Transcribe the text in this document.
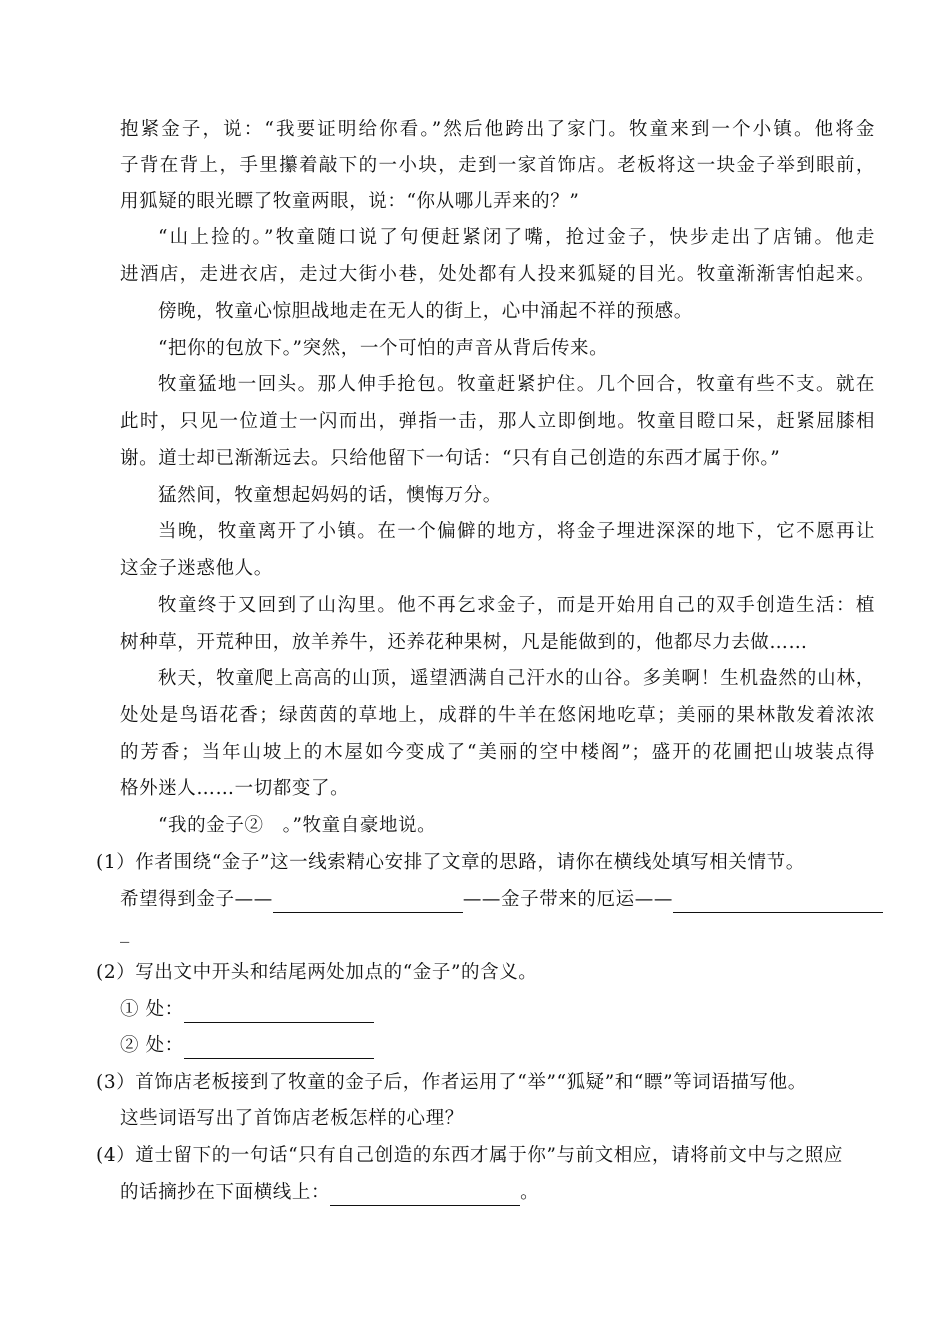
抱紧金子，说：“我要证明给你看。”然后他跨出了家门。牧童来到一个小镇。他将金
子背在背上，手里攥着敲下的一小块，走到一家首饰店。老板将这一块金子举到眼前，
用狐疑的眼光瞟了牧童两眼，说：“你从哪儿弄来的？”
“山上捡的。”牧童随口说了句便赶紧闭了嘴，抢过金子，快步走出了店铺。他走
进酒店，走进衣店，走过大街小巷，处处都有人投来狐疑的目光。牧童渐渐害怕起来。
傍晚，牧童心惊胆战地走在无人的街上，心中涌起不祥的预感。
“把你的包放下。”突然，一个可怕的声音从背后传来。
牧童猛地一回头。那人伸手抢包。牧童赶紧护住。几个回合，牧童有些不支。就在
此时，只见一位道士一闪而出，弹指一击，那人立即倒地。牧童目瞪口呆，赶紧屈膝相
谢。道士却已渐渐远去。只给他留下一句话：“只有自己创造的东西才属于你。”
猛然间，牧童想起妈妈的话，懊悔万分。
当晚，牧童离开了小镇。在一个偏僻的地方，将金子埋进深深的地下，它不愿再让
这金子迷惑他人。
牧童终于又回到了山沟里。他不再乞求金子，而是开始用自己的双手创造生活：植
树种草，开荒种田，放羊养牛，还养花种果树，凡是能做到的，他都尽力去做……
秋天，牧童爬上高高的山顶，遥望洒满自己汗水的山谷。多美啊！生机盎然的山林，
处处是鸟语花香；绿茵茵的草地上，成群的牛羊在悠闲地吃草；美丽的果林散发着浓浓
的芳香；当年山坡上的木屋如今变成了“美丽的空中楼阁”；盛开的花圃把山坡装点得
格外迷人……一切都变了。
“我的金子②　。”牧童自豪地说。
(1）作者围绕“金子”这一线索精心安排了文章的思路，请你在横线处填写相关情节。
希望得到金子——	——金子带来的厄运——
_
(2）写出文中开头和结尾两处加点的“金子”的含义。
① 处：
② 处：
(3）首饰店老板接到了牧童的金子后，作者运用了“举”“狐疑”和“瞟”等词语描写他。
这些词语写出了首饰店老板怎样的心理？
(4）道士留下的一句话“只有自己创造的东西才属于你”与前文相应，请将前文中与之照应
的话摘抄在下面横线上：	。
